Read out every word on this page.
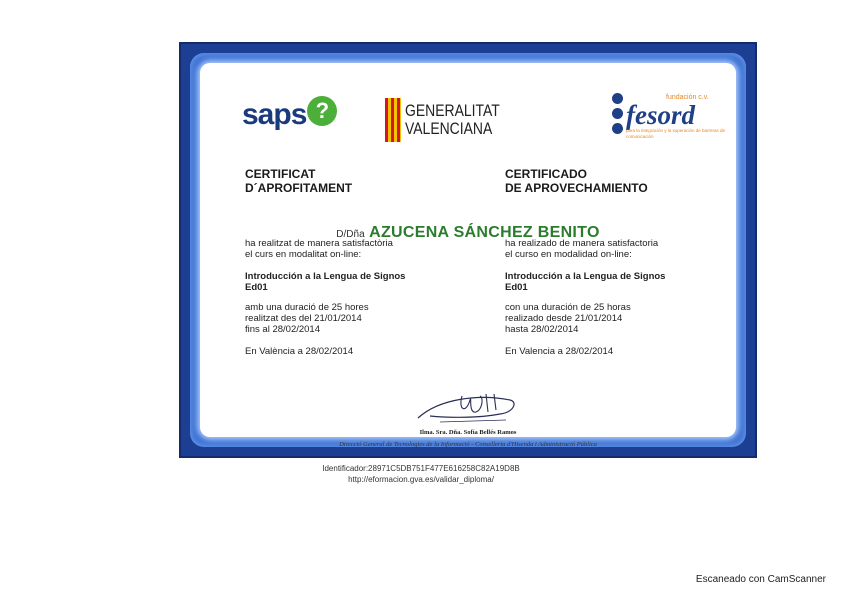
saps ?	GENERALITAT
VALENCIANA
fundación c.v.
fesord
para la integración y la superación de barreras de comunicación
CERTIFICAT
D´APROFITAMENT
CERTIFICADO
DE APROVECHAMIENTO
D/Dña AZUCENA SÁNCHEZ BENITO
ha realitzat de manera satisfactòria
el curs en modalitat on-line:
Introducción a la Lengua de Signos
Ed01
amb una duració de 25 hores
realitzat des del 21/01/2014
fins al 28/02/2014
En València a 28/02/2014
ha realizado de manera satisfactoria
el curso en modalidad on-line:
Introducción a la Lengua de Signos
Ed01
con una duración de 25 horas
realizado desde 21/01/2014
hasta 28/02/2014
En Valencia a 28/02/2014
Ilma. Sra. Dña. Sofía Bellés Ramos
Direcció General de Tecnologies de la Informació - Conselleria d'Hisenda i Administració Pública
Identificador:28971C5DB751F477E616258C82A19D8B
http://eformacion.gva.es/validar_diploma/
Escaneado con CamScanner
